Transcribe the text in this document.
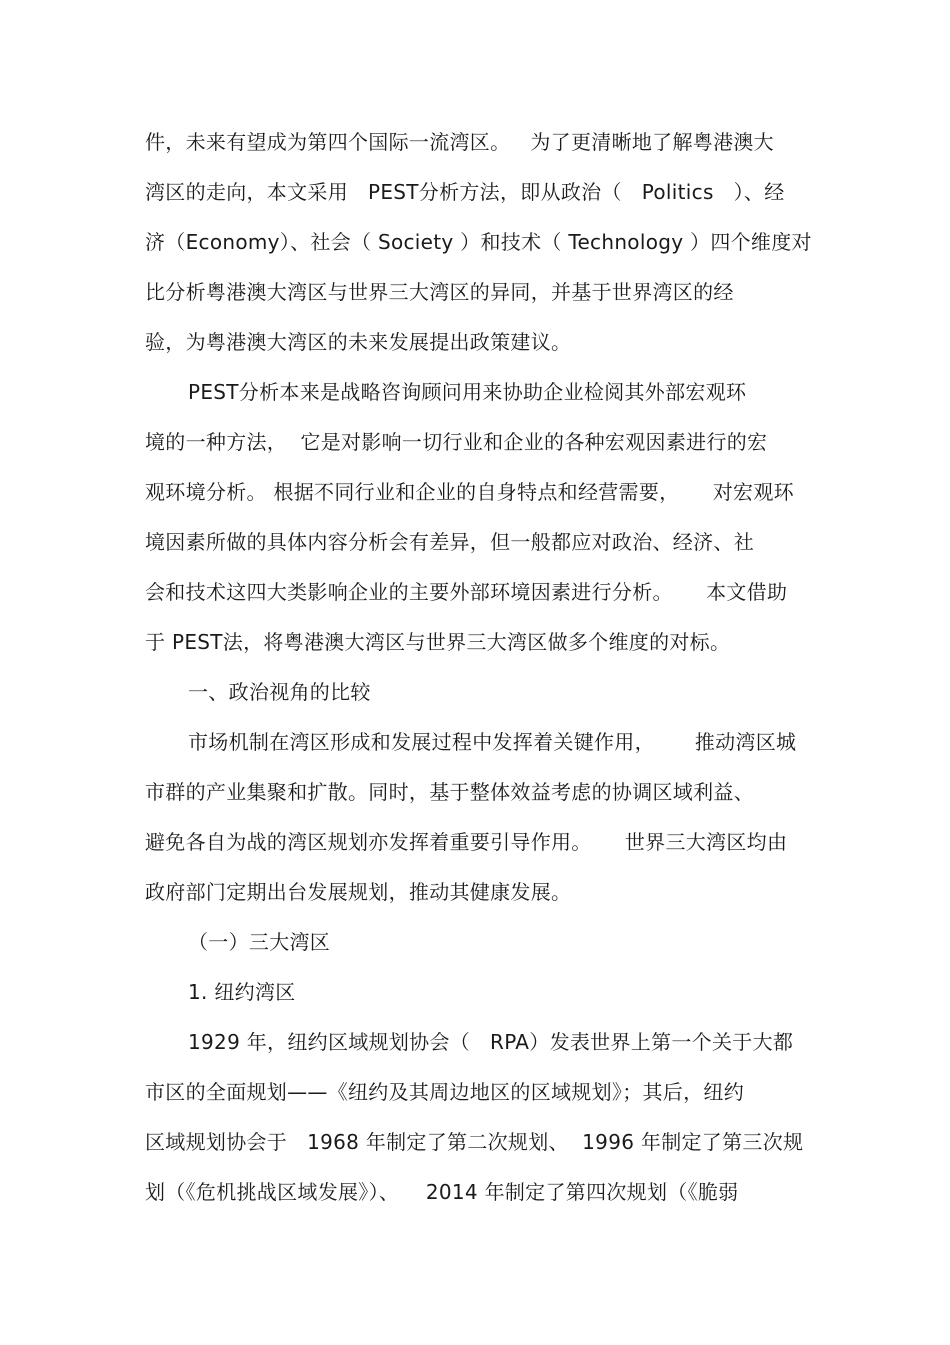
件，未来有望成为第四个国际一流湾区。   为了更清晰地了解粤港澳大
湾区的走向，本文采用   PEST分析方法，即从政治（   Politics   ）、经
济（Economy）、社会（ Society ）和技术（ Technology ）四个维度对
比分析粤港澳大湾区与世界三大湾区的异同，并基于世界湾区的经
验，为粤港澳大湾区的未来发展提出政策建议。
PEST分析本来是战略咨询顾问用来协助企业检阅其外部宏观环
境的一种方法，  它是对影响一切行业和企业的各种宏观因素进行的宏
观环境分析。 根据不同行业和企业的自身特点和经营需要，     对宏观环
境因素所做的具体内容分析会有差异，但一般都应对政治、经济、社
会和技术这四大类影响企业的主要外部环境因素进行分析。     本文借助
于 PEST法，将粤港澳大湾区与世界三大湾区做多个维度的对标。
一、政治视角的比较
市场机制在湾区形成和发展过程中发挥着关键作用，      推动湾区城
市群的产业集聚和扩散。同时，基于整体效益考虑的协调区域利益、
避免各自为战的湾区规划亦发挥着重要引导作用。     世界三大湾区均由
政府部门定期出台发展规划，推动其健康发展。
（一）三大湾区
1. 纽约湾区
1929 年，纽约区域规划协会（   RPA）发表世界上第一个关于大都
市区的全面规划——《纽约及其周边地区的区域规划》；其后，纽约
区域规划协会于   1968 年制定了第二次规划、  1996 年制定了第三次规
划（《危机挑战区域发展》）、    2014 年制定了第四次规划（《脆弱
